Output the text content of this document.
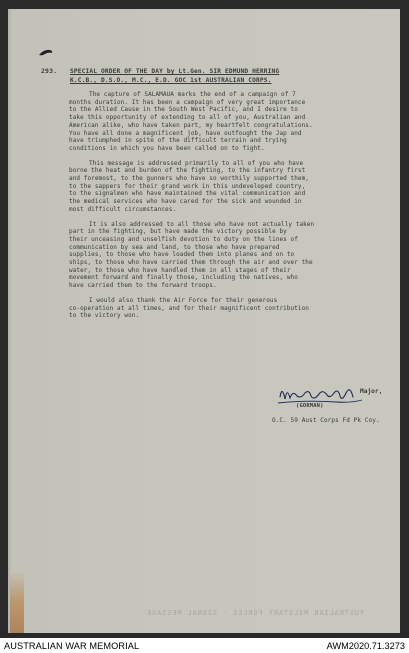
293. SPECIAL ORDER OF THE DAY by Lt.Gen. SIR EDMUND HERRING
K.C.B., D.S.O., M.C., E.D. GOC 1st AUSTRALIAN CORPS.
The capture of SALAMAUA marks the end of a campaign of 7
months duration. It has been a campaign of very great importance
to the Allied Cause in the South West Pacific, and I desire to
take this opportunity of extending to all of you, Australian and
American alike, who have taken part, my heartfelt congratulations.
You have all done a magnificent job, have outfought the Jap and
have triumphed in spite of the difficult terrain and trying
conditions in which you have been called on to fight.
This message is addressed primarily to all of you who have
borne the heat and burden of the fighting, to the infantry first
and foremost, to the gunners who have so worthily supported them,
to the sappers for their grand work in this undeveloped country,
to the signalmen who have maintained the vital communication and
the medical services who have cared for the sick and wounded in
most difficult circumstances.
It is also addressed to all those who have not actually taken
part in the fighting, but have made the victory possible by
their unceasing and unselfish devotion to duty on the lines of
communication by sea and land, to those who have prepared
supplies, to those who have loaded them into planes and on to
ships, to those who have carried them through the air and over the
water, to those who have handled them in all stages of their
movement forward and finally those, including the natives, who
have carried them to the forward troops.
I would also thank the Air Force for their generous
co-operation at all times, and for their magnificent contribution
to the victory won.
Major,
(GORMAN)
O.C. 59 Aust Corps Fd Pk Coy.
YUSTRALIAN MILITARY FORCES - SIGNAL MESSAGE
AUSTRALIAN WAR MEMORIAL	AWM2020.71.3273
